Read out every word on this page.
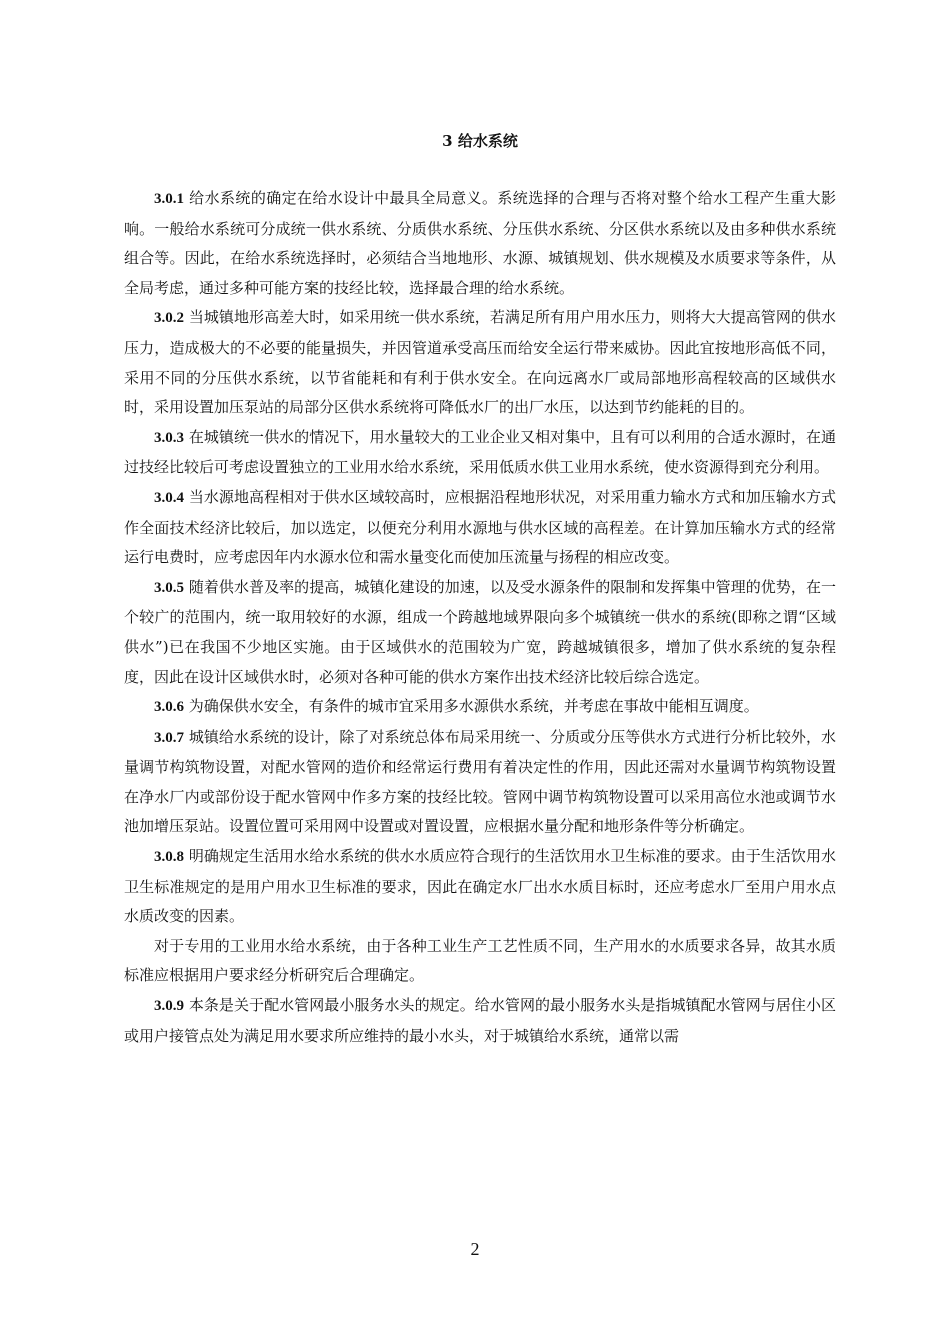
3 给水系统

3.0.1 给水系统的确定在给水设计中最具全局意义。系统选择的合理与否将对整个给水工程产生重大影响。一般给水系统可分成统一供水系统、分质供水系统、分压供水系统、分区供水系统以及由多种供水系统组合等。因此，在给水系统选择时，必须结合当地地形、水源、城镇规划、供水规模及水质要求等条件，从全局考虑，通过多种可能方案的技经比较，选择最合理的给水系统。

3.0.2 当城镇地形高差大时，如采用统一供水系统，若满足所有用户用水压力，则将大大提高管网的供水压力，造成极大的不必要的能量损失，并因管道承受高压而给安全运行带来威协。因此宜按地形高低不同，采用不同的分压供水系统，以节省能耗和有利于供水安全。在向远离水厂或局部地形高程较高的区域供水时，采用设置加压泵站的局部分区供水系统将可降低水厂的出厂水压，以达到节约能耗的目的。

3.0.3 在城镇统一供水的情况下，用水量较大的工业企业又相对集中，且有可以利用的合适水源时，在通过技经比较后可考虑设置独立的工业用水给水系统，采用低质水供工业用水系统，使水资源得到充分利用。

3.0.4 当水源地高程相对于供水区域较高时，应根据沿程地形状况，对采用重力输水方式和加压输水方式作全面技术经济比较后，加以选定，以便充分利用水源地与供水区域的高程差。在计算加压输水方式的经常运行电费时，应考虑因年内水源水位和需水量变化而使加压流量与扬程的相应改变。

3.0.5 随着供水普及率的提高，城镇化建设的加速，以及受水源条件的限制和发挥集中管理的优势，在一个较广的范围内，统一取用较好的水源，组成一个跨越地域界限向多个城镇统一供水的系统(即称之谓“区域供水”)已在我国不少地区实施。由于区域供水的范围较为广宽，跨越城镇很多，增加了供水系统的复杂程度，因此在设计区域供水时，必须对各种可能的供水方案作出技术经济比较后综合选定。

3.0.6 为确保供水安全，有条件的城市宜采用多水源供水系统，并考虑在事故中能相互调度。

3.0.7 城镇给水系统的设计，除了对系统总体布局采用统一、分质或分压等供水方式进行分析比较外，水量调节构筑物设置，对配水管网的造价和经常运行费用有着决定性的作用，因此还需对水量调节构筑物设置在净水厂内或部份设于配水管网中作多方案的技经比较。管网中调节构筑物设置可以采用高位水池或调节水池加增压泵站。设置位置可采用网中设置或对置设置，应根据水量分配和地形条件等分析确定。

3.0.8 明确规定生活用水给水系统的供水水质应符合现行的生活饮用水卫生标准的要求。由于生活饮用水卫生标准规定的是用户用水卫生标准的要求，因此在确定水厂出水水质目标时，还应考虑水厂至用户用水点水质改变的因素。

对于专用的工业用水给水系统，由于各种工业生产工艺性质不同，生产用水的水质要求各异，故其水质标准应根据用户要求经分析研究后合理确定。

3.0.9 本条是关于配水管网最小服务水头的规定。给水管网的最小服务水头是指城镇配水管网与居住小区或用户接管点处为满足用水要求所应维持的最小水头，对于城镇给水系统，通常以需

2
